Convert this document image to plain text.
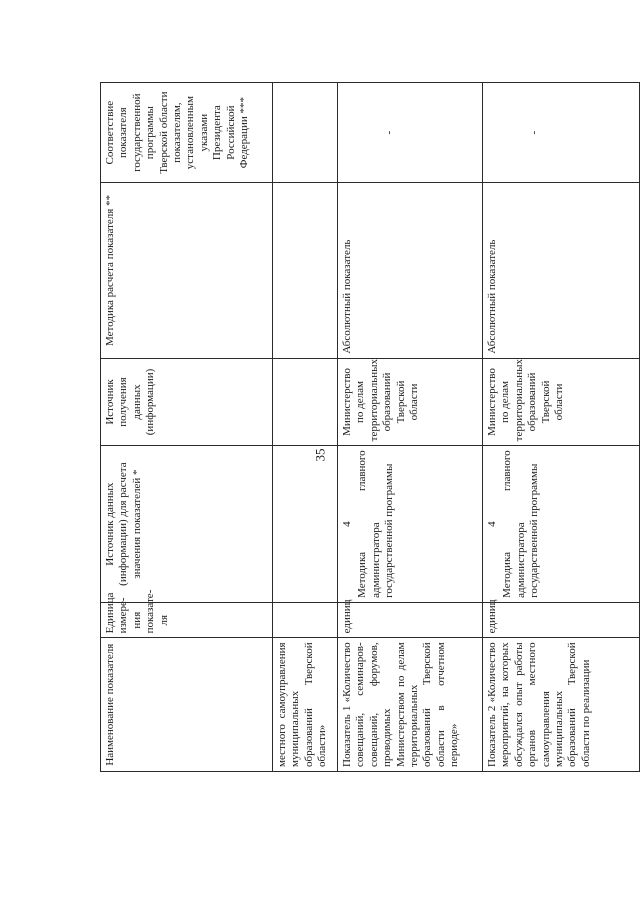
35
Наименование показателя	Единица измере-ния показате-ля	Источник данных (информации) для расчета значения показателей *	Источник получения данных (информации)	Методика расчета показателя **	Соответствие показателя государственной программы Тверской области показателям, установленным указами Президента Российской Федерации ***
местного самоуправления муниципальных образований Тверской области»		

Показатель 1 «Количество совещаний, семинаров-совещаний, форумов, проводимых Министерством по делам территориальных образований Тверской области в отчетном периоде»	единиц	4 Методика главного администратора государственной программы	Министерство по делам территориальных образований Тверской области	Абсолютный показатель	-

Показатель 2 «Количество мероприятий, на которых обсуждался опыт работы органов местного самоуправления муниципальных образований Тверской области по реализации	единиц	4 Методика главного администратора государственной программы	Министерство по делам территориальных образований Тверской области	Абсолютный показатель	-
